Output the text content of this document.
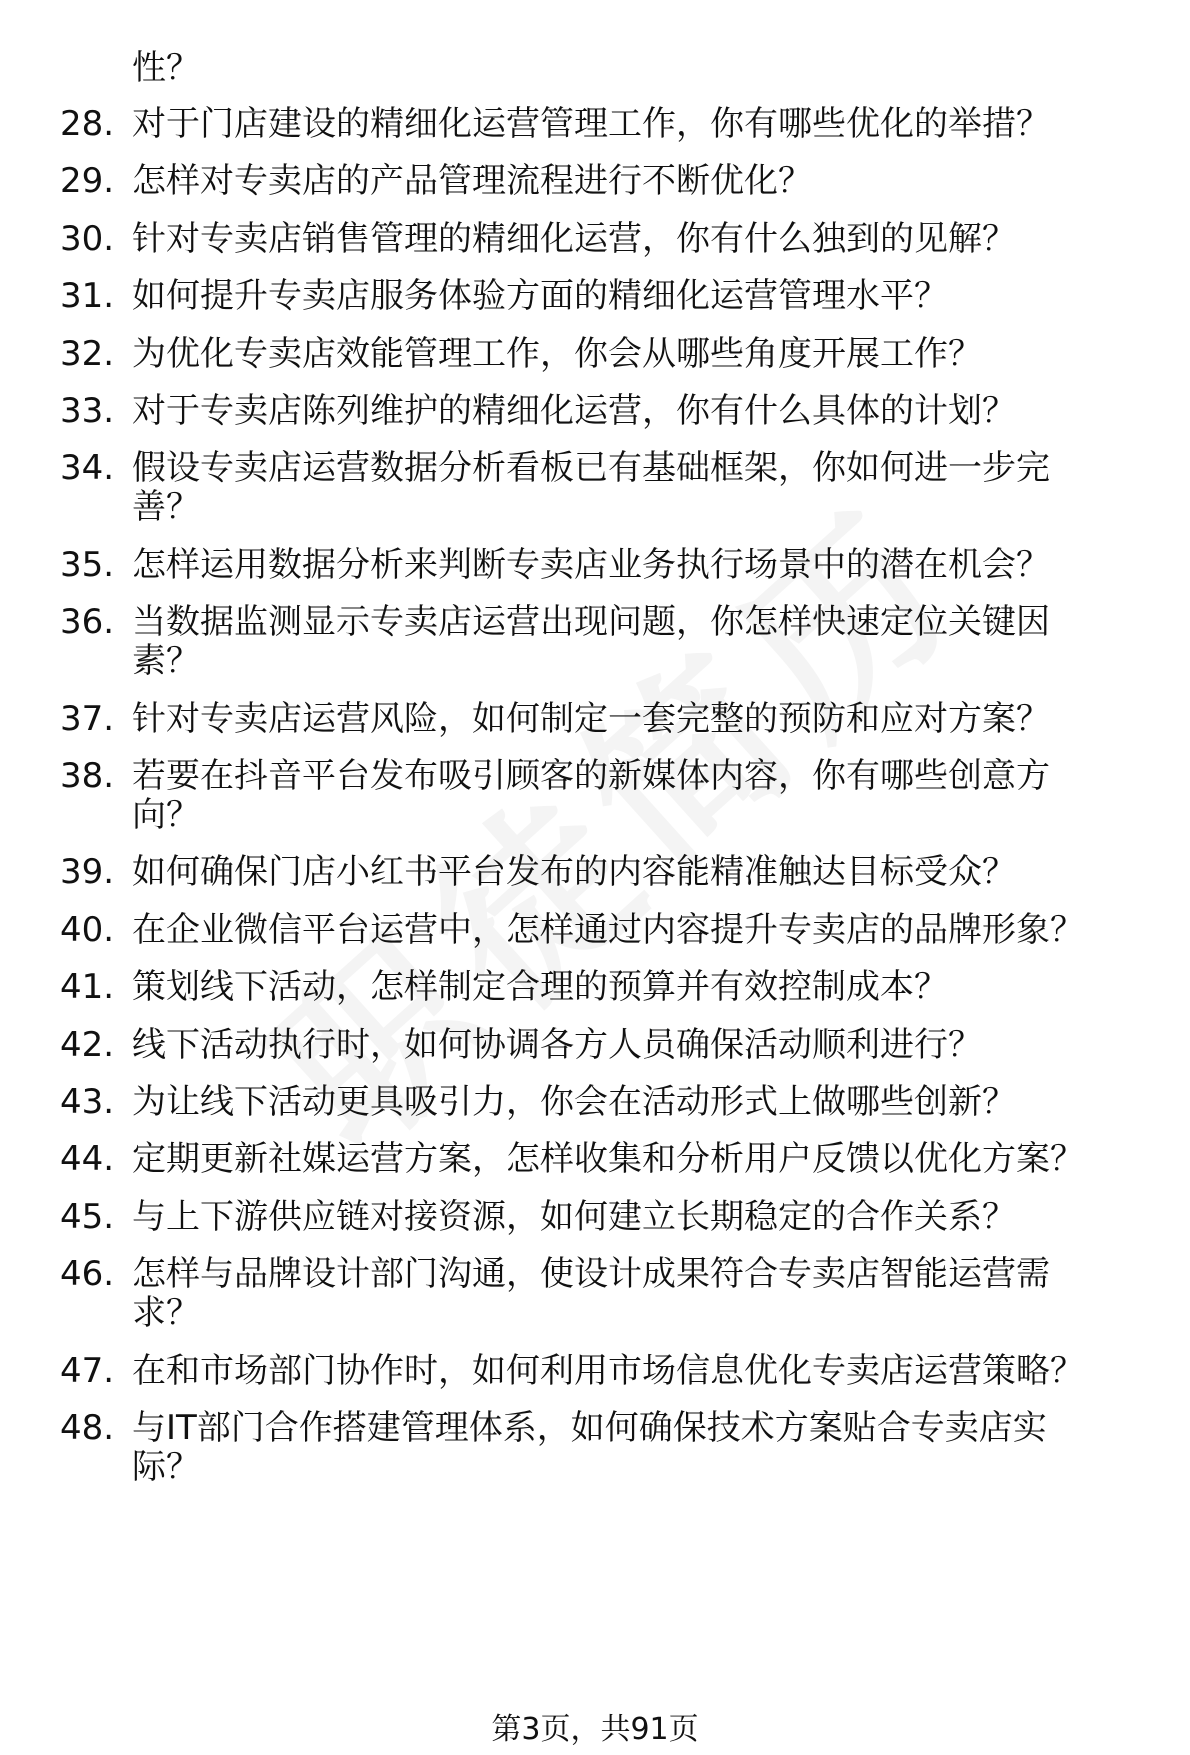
性？
28. 对于门店建设的精细化运营管理工作，你有哪些优化的举措？
29. 怎样对专卖店的产品管理流程进行不断优化？
30. 针对专卖店销售管理的精细化运营，你有什么独到的见解？
31. 如何提升专卖店服务体验方面的精细化运营管理水平？
32. 为优化专卖店效能管理工作，你会从哪些角度开展工作？
33. 对于专卖店陈列维护的精细化运营，你有什么具体的计划？
34. 假设专卖店运营数据分析看板已有基础框架，你如何进一步完
善？
35. 怎样运用数据分析来判断专卖店业务执行场景中的潜在机会？
36. 当数据监测显示专卖店运营出现问题，你怎样快速定位关键因
素？
37. 针对专卖店运营风险，如何制定一套完整的预防和应对方案？
38. 若要在抖音平台发布吸引顾客的新媒体内容，你有哪些创意方
向？
39. 如何确保门店小红书平台发布的内容能精准触达目标受众？
40. 在企业微信平台运营中，怎样通过内容提升专卖店的品牌形象？
41. 策划线下活动，怎样制定合理的预算并有效控制成本？
42. 线下活动执行时，如何协调各方人员确保活动顺利进行？
43. 为让线下活动更具吸引力，你会在活动形式上做哪些创新？
44. 定期更新社媒运营方案，怎样收集和分析用户反馈以优化方案？
45. 与上下游供应链对接资源，如何建立长期稳定的合作关系？
46. 怎样与品牌设计部门沟通，使设计成果符合专卖店智能运营需
求？
47. 在和市场部门协作时，如何利用市场信息优化专卖店运营策略？
48. 与IT部门合作搭建管理体系，如何确保技术方案贴合专卖店实
际？
第3页，共91页
